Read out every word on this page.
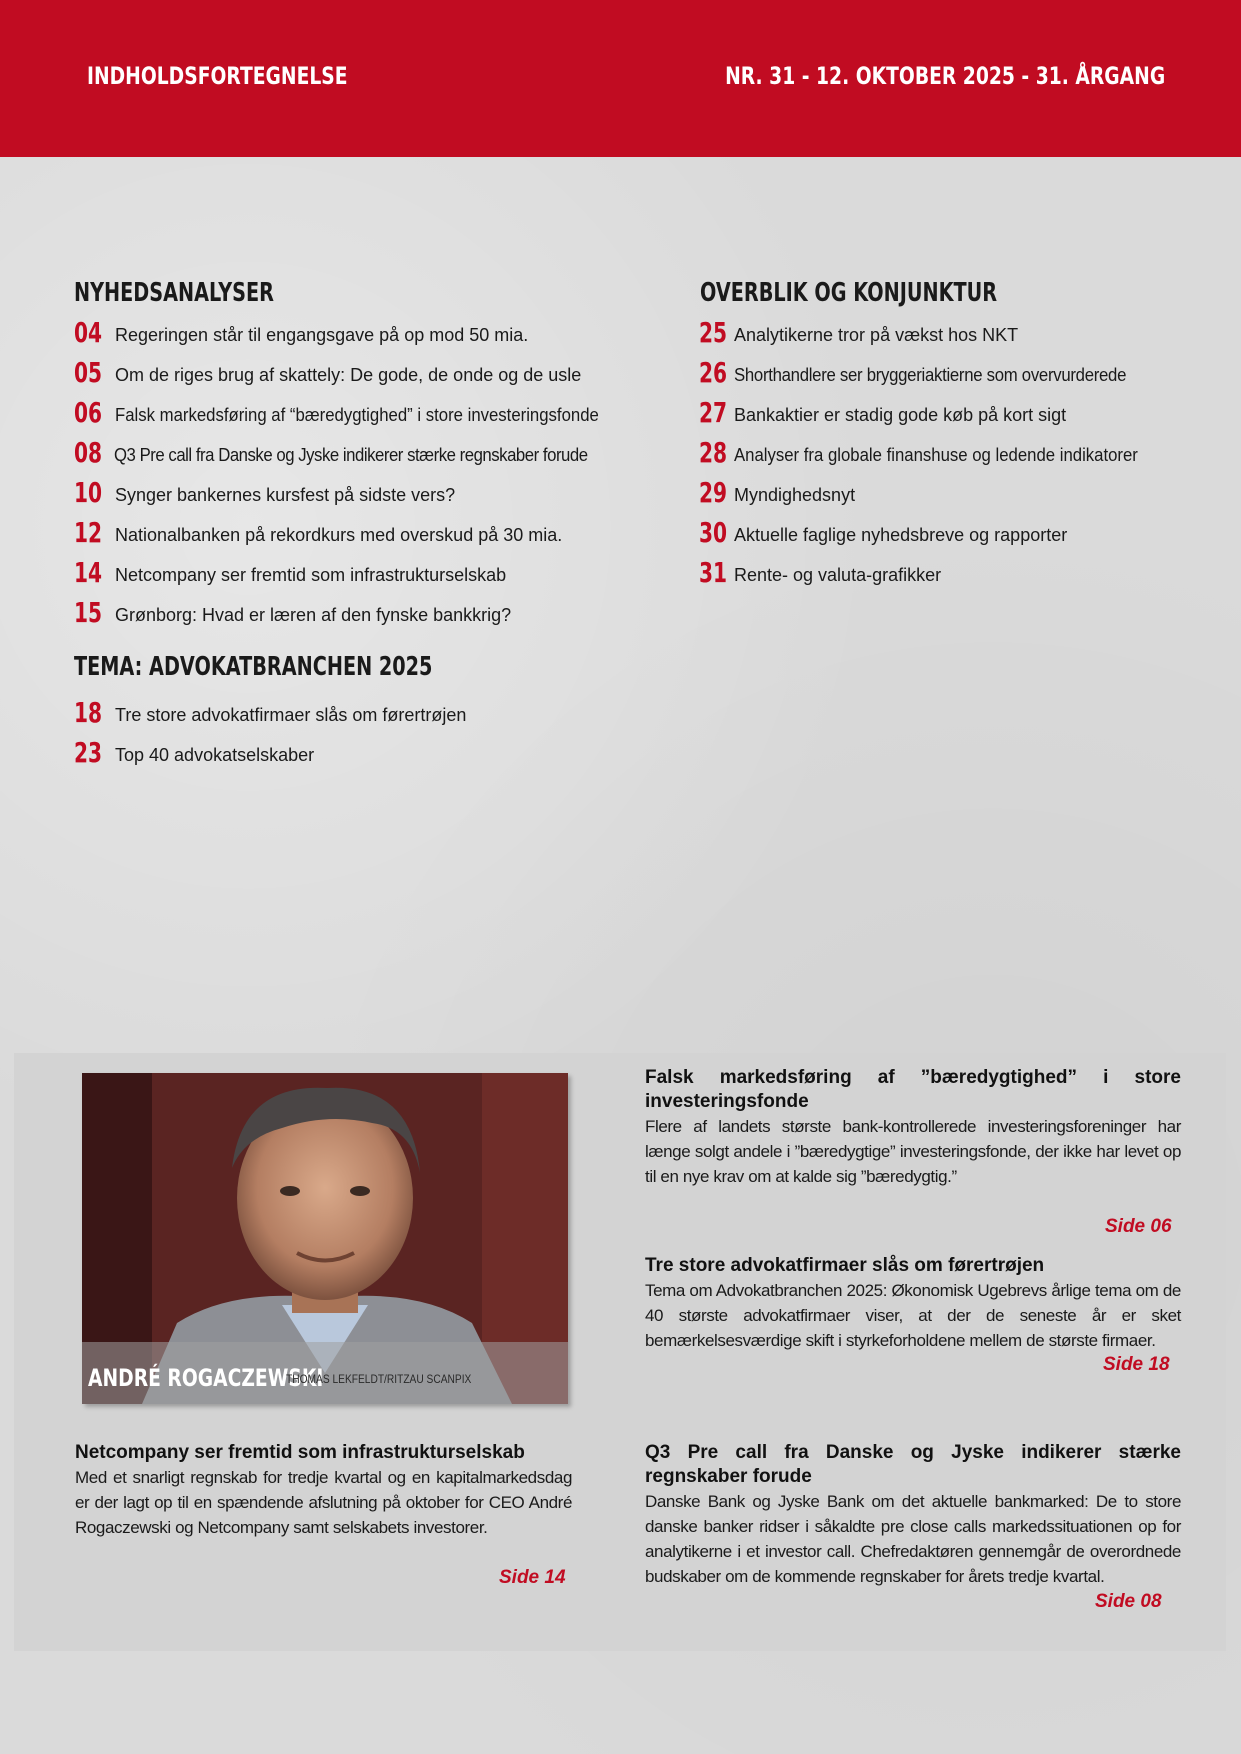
INDHOLDSFORTEGNELSE	NR. 31 - 12. OKTOBER 2025 - 31. ÅRGANG
NYHEDSANALYSER
04 Regeringen står til engangsgave på op mod 50 mia.
05 Om de riges brug af skattely: De gode, de onde og de usle
06 Falsk markedsføring af “bæredygtighed” i store investeringsfonde
08 Q3 Pre call fra Danske og Jyske indikerer stærke regnskaber forude
10 Synger bankernes kursfest på sidste vers?
12 Nationalbanken på rekordkurs med overskud på 30 mia.
14 Netcompany ser fremtid som infrastrukturselskab
15 Grønborg: Hvad er læren af den fynske bankkrig?
TEMA: ADVOKATBRANCHEN 2025
18 Tre store advokatfirmaer slås om førertrøjen
23 Top 40 advokatselskaber
OVERBLIK OG KONJUNKTUR
25 Analytikerne tror på vækst hos NKT
26 Shorthandlere ser bryggeriaktierne som overvurderede
27 Bankaktier er stadig gode køb på kort sigt
28 Analyser fra globale finanshuse og ledende indikatorer
29 Myndighedsnyt
30 Aktuelle faglige nyhedsbreve og rapporter
31 Rente- og valuta-grafikker
ANDRÉ ROGACZEWSKI
THOMAS LEKFELDT/RITZAU SCANPIX

Falsk markedsføring af ”bæredygtighed” i store investeringsfonde

Flere af landets største bank-kontrollerede investeringsforeninger har længe solgt andele i ”bæredygtige” investeringsfonde, der ikke har levet op til en nye krav om at kalde sig ”bæredygtig.”

Side 06

Tre store advokatfirmaer slås om førertrøjen

Tema om Advokatbranchen 2025: Økonomisk Ugebrevs årlige tema om de 40 største advokatfirmaer viser, at der de seneste år er sket bemærkelsesværdige skift i styrkeforholdene mellem de største firmaer.

Side 18

Netcompany ser fremtid som infrastrukturselskab

Med et snarligt regnskab for tredje kvartal og en kapitalmarkedsdag er der lagt op til en spændende afslutning på oktober for CEO André Rogaczewski og Netcompany samt selskabets investorer.

Side 14

Q3 Pre call fra Danske og Jyske indikerer stærke regnskaber forude

Danske Bank og Jyske Bank om det aktuelle bankmarked: De to store danske banker ridser i såkaldte pre close calls markedssituationen op for analytikerne i et investor call. Chefredaktøren gennemgår de overordnede budskaber om de kommende regnskaber for årets tredje kvartal.

Side 08
